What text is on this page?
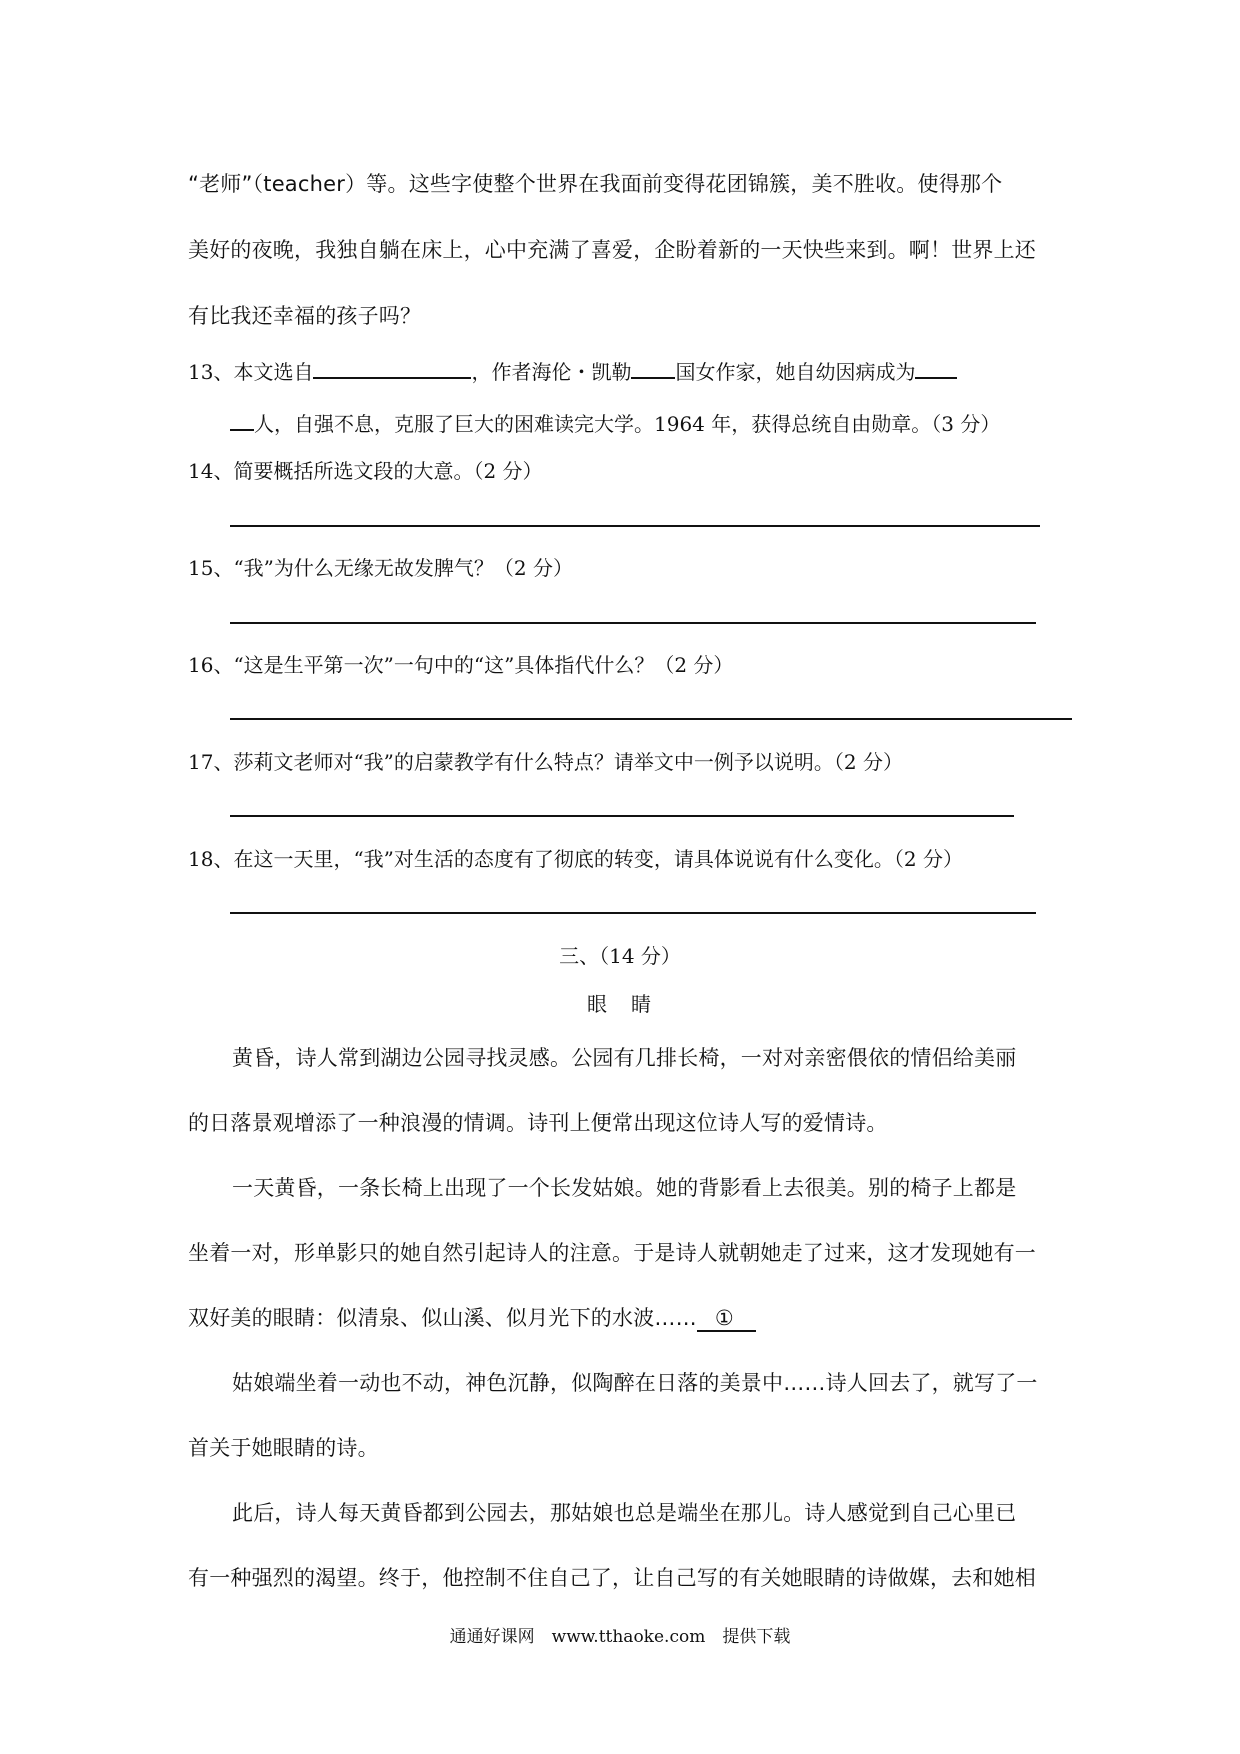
“老师”（teacher）等。这些字使整个世界在我面前变得花团锦簇，美不胜收。使得那个
美好的夜晚，我独自躺在床上，心中充满了喜爱，企盼着新的一天快些来到。啊！世界上还
有比我还幸福的孩子吗？
13、本文选自	，作者海伦・凯勒 国女作家，她自幼因病成为
人，自强不息，克服了巨大的困难读完大学。1964 年，获得总统自由勋章。（3 分）
14、简要概括所选文段的大意。（2 分）
15、“我”为什么无缘无故发脾气？（2 分）
16、“这是生平第一次”一句中的“这”具体指代什么？（2 分）
17、莎莉文老师对“我”的启蒙教学有什么特点？请举文中一例予以说明。（2 分）
18、在这一天里，“我”对生活的态度有了彻底的转变，请具体说说有什么变化。（2 分）
三、（14 分）
眼　睛
黄昏，诗人常到湖边公园寻找灵感。公园有几排长椅，一对对亲密偎依的情侣给美丽
的日落景观增添了一种浪漫的情调。诗刊上便常出现这位诗人写的爱情诗。
一天黄昏，一条长椅上出现了一个长发姑娘。她的背影看上去很美。别的椅子上都是
坐着一对，形单影只的她自然引起诗人的注意。于是诗人就朝她走了过来，这才发现她有一
双好美的眼睛：似清泉、似山溪、似月光下的水波…… ①
姑娘端坐着一动也不动，神色沉静，似陶醉在日落的美景中……诗人回去了，就写了一
首关于她眼睛的诗。
此后，诗人每天黄昏都到公园去，那姑娘也总是端坐在那儿。诗人感觉到自己心里已
有一种强烈的渴望。终于，他控制不住自己了，让自己写的有关她眼睛的诗做媒，去和她相
通通好课网　www.tthaoke.com　提供下载
